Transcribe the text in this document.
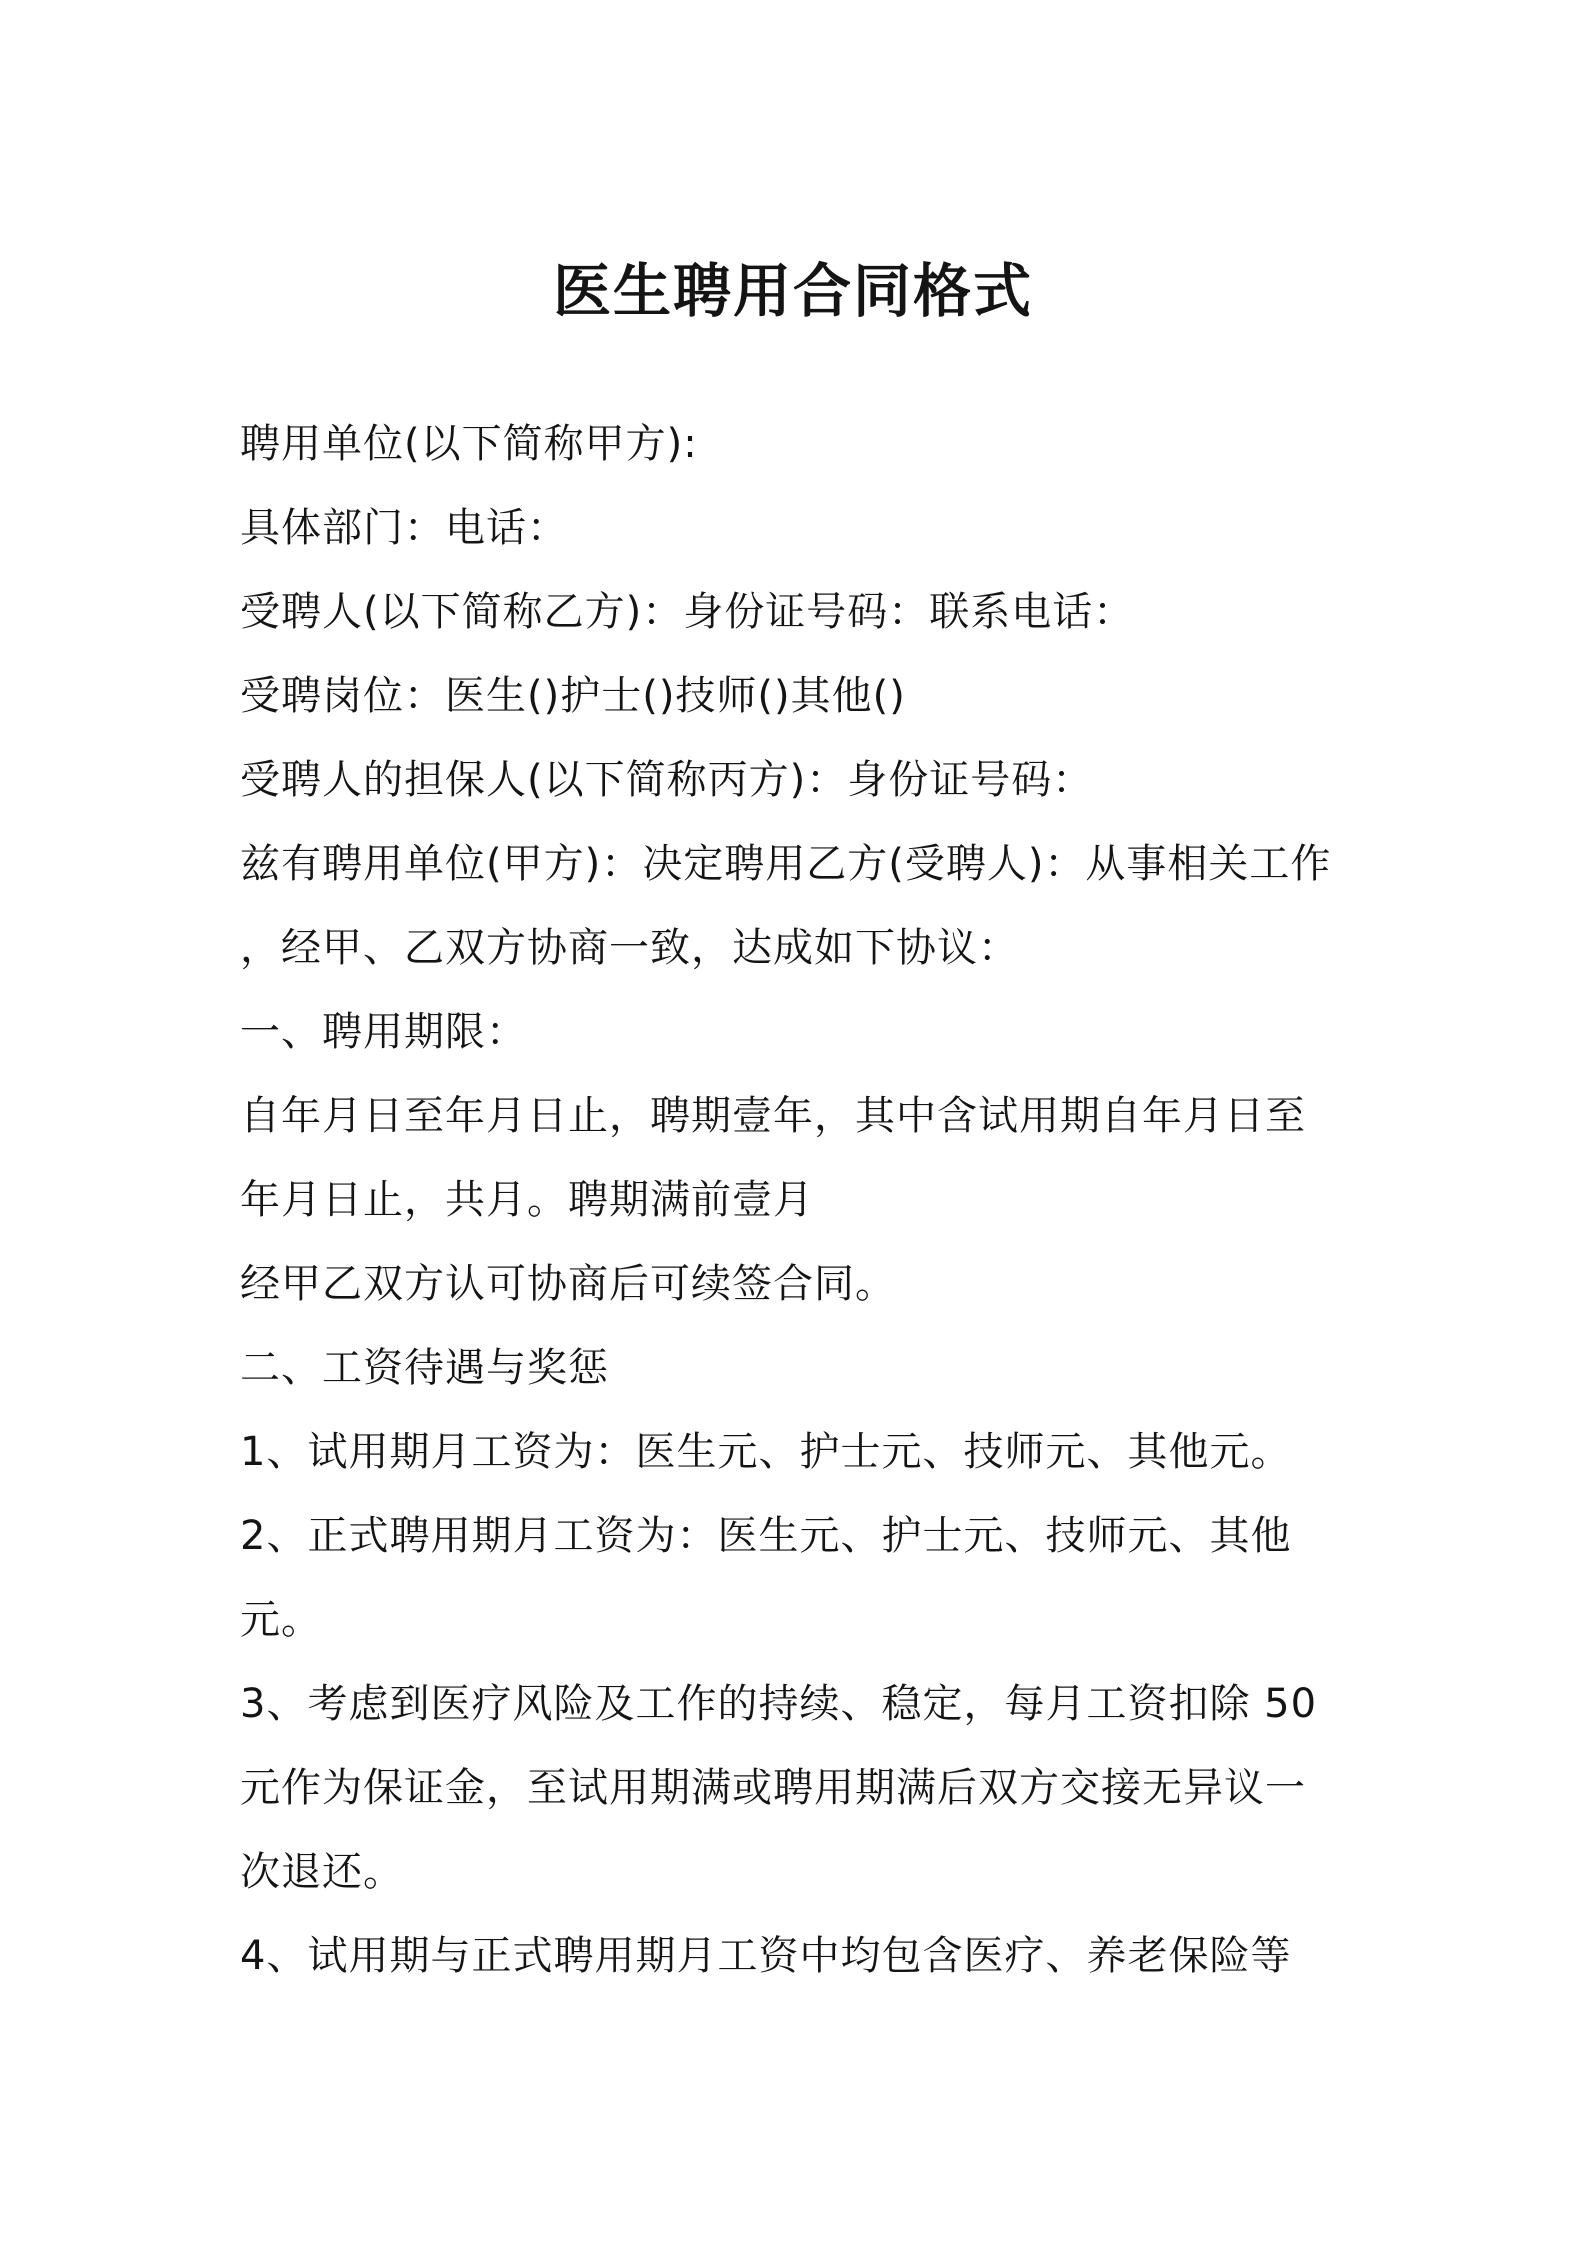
医生聘用合同格式
聘用单位(以下简称甲方):
具体部门：电话：
受聘人(以下简称乙方)：身份证号码：联系电话：
受聘岗位：医生()护士()技师()其他()
受聘人的担保人(以下简称丙方)：身份证号码：
兹有聘用单位(甲方)：决定聘用乙方(受聘人)：从事相关工作
，经甲、乙双方协商一致，达成如下协议：
一、聘用期限：
自年月日至年月日止，聘期壹年，其中含试用期自年月日至
年月日止，共月。聘期满前壹月
经甲乙双方认可协商后可续签合同。
二、工资待遇与奖惩
1、试用期月工资为：医生元、护士元、技师元、其他元。
2、正式聘用期月工资为：医生元、护士元、技师元、其他
元。
3、考虑到医疗风险及工作的持续、稳定，每月工资扣除 50
元作为保证金，至试用期满或聘用期满后双方交接无异议一
次退还。
4、试用期与正式聘用期月工资中均包含医疗、养老保险等
